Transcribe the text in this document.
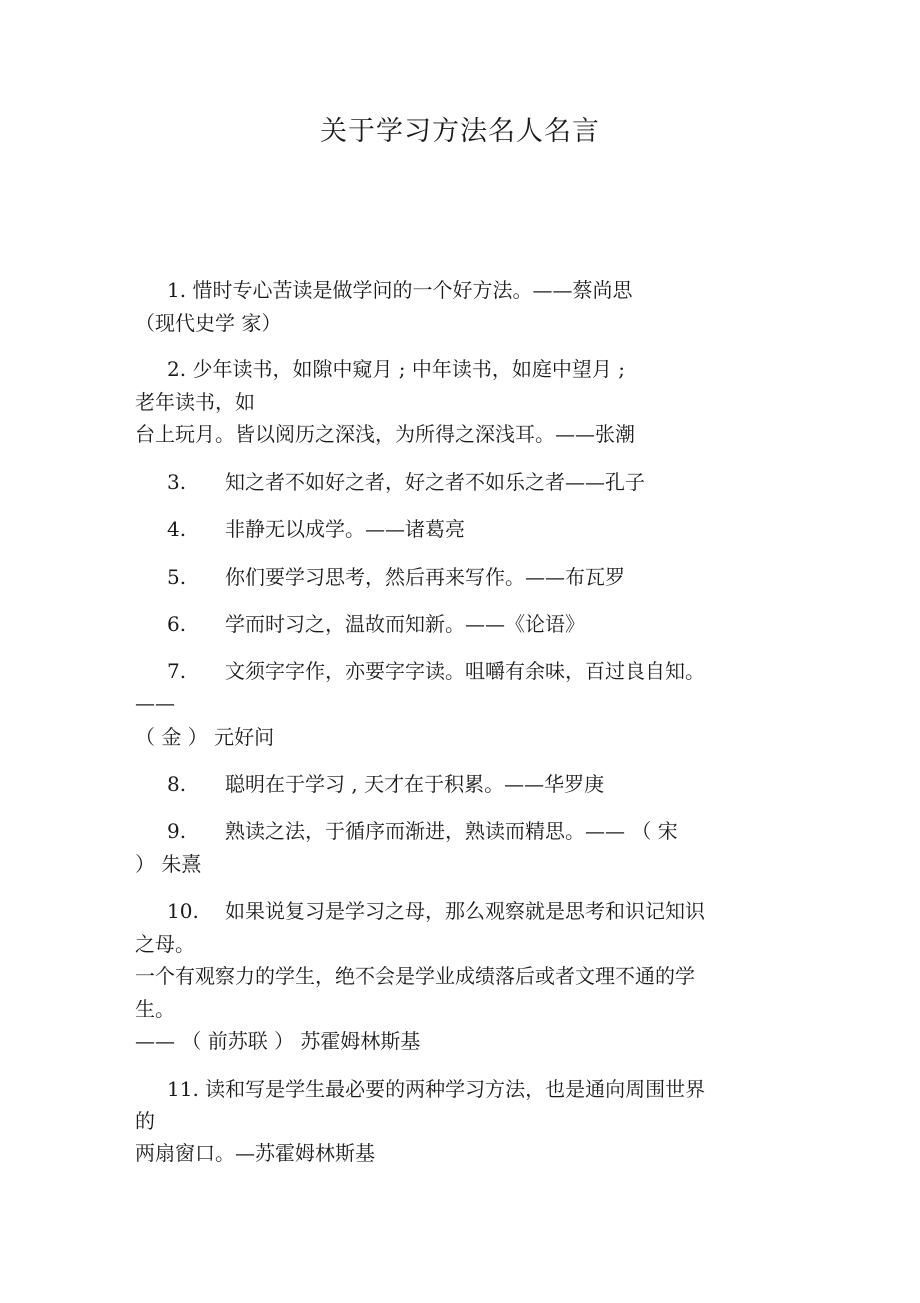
关于学习方法名人名言
1. 惜时专心苦读是做学问的一个好方法。——蔡尚思
（现代史学 家）
2. 少年读书，如隙中窥月 ; 中年读书，如庭中望月 ;
老年读书，如
台上玩月。皆以阅历之深浅，为所得之深浅耳。——张潮
3. 知之者不如好之者，好之者不如乐之者——孔子
4. 非静无以成学。——诸葛亮
5. 你们要学习思考，然后再来写作。——布瓦罗
6. 学而时习之，温故而知新。——《论语》
7. 文须字字作，亦要字字读。咀嚼有余味，百过良自知。
——
（ 金 ） 元好问
8. 聪明在于学习 , 天才在于积累。——华罗庚
9. 熟读之法，于循序而渐进，熟读而精思。—— （ 宋
） 朱熹
10. 如果说复习是学习之母，那么观察就是思考和识记知识
之母。
一个有观察力的学生，绝不会是学业成绩落后或者文理不通的学
生。
—— （ 前苏联 ） 苏霍姆林斯基
11. 读和写是学生最必要的两种学习方法，也是通向周围世界
的
两扇窗口。—苏霍姆林斯基
